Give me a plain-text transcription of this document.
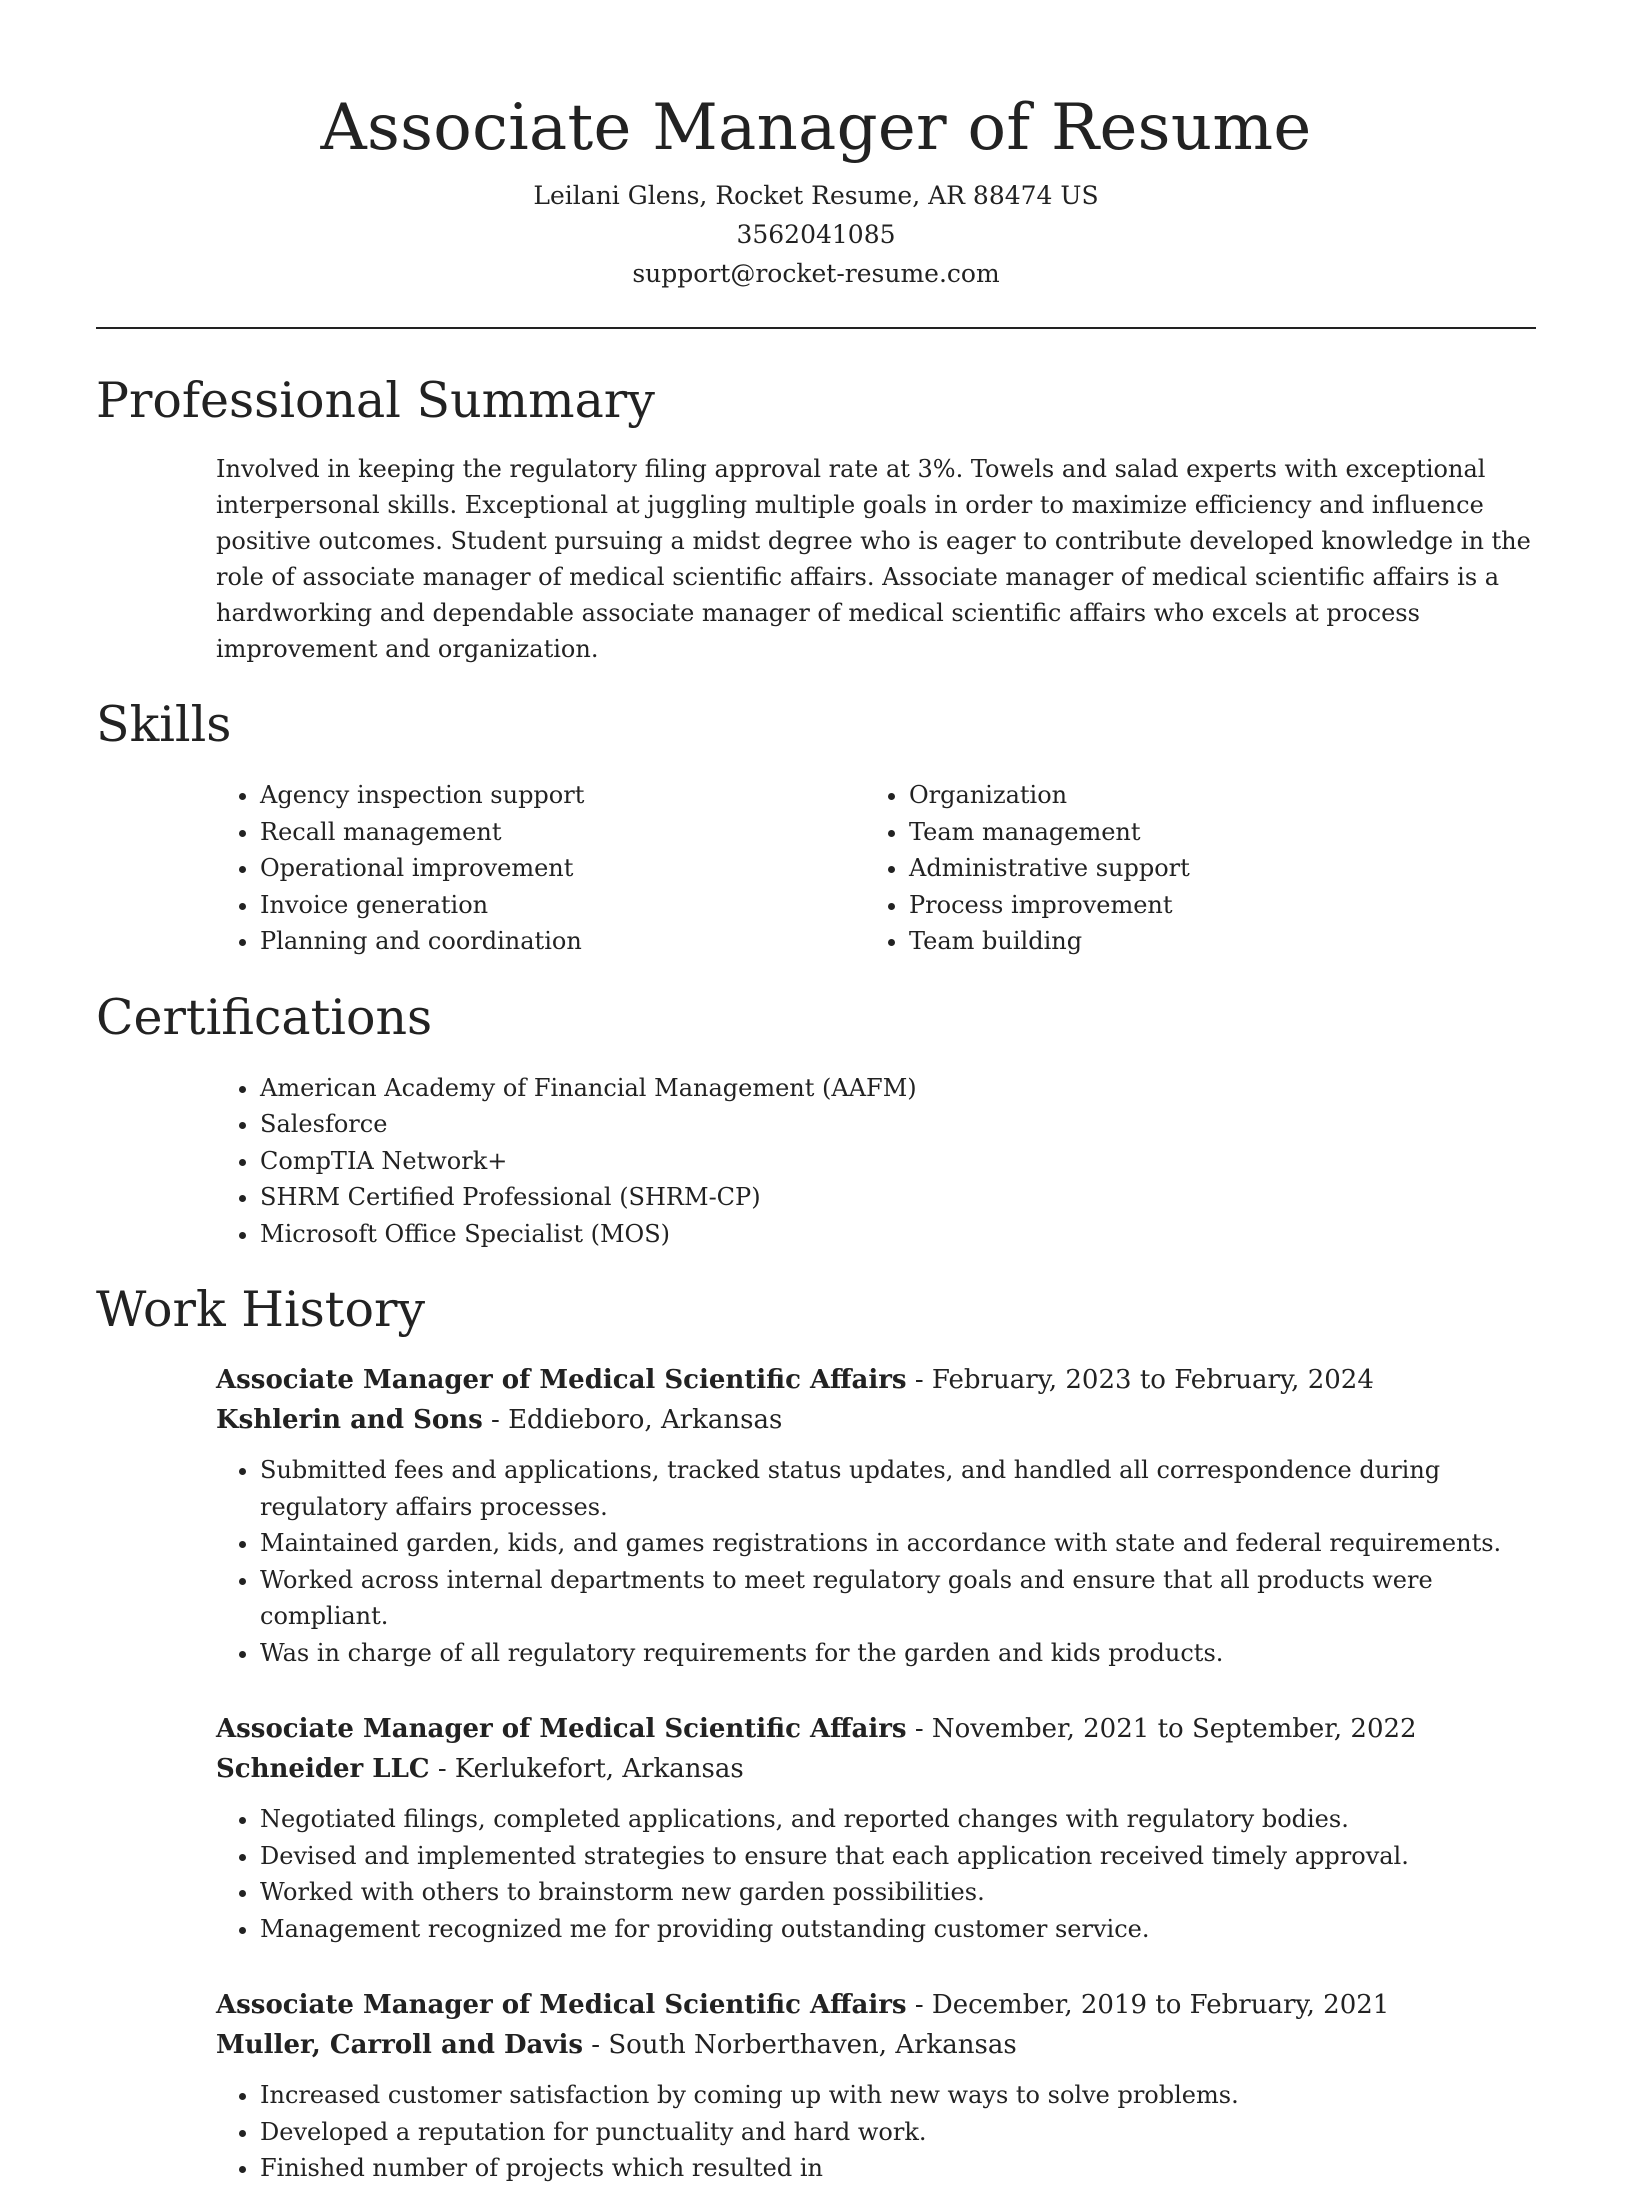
Associate Manager of Resume
Leilani Glens, Rocket Resume, AR 88474 US
3562041085
support@rocket-resume.com
Professional Summary

Involved in keeping the regulatory filing approval rate at 3%. Towels and salad experts with exceptional interpersonal skills. Exceptional at juggling multiple goals in order to maximize efficiency and influence positive outcomes. Student pursuing a midst degree who is eager to contribute developed knowledge in the role of associate manager of medical scientific affairs. Associate manager of medical scientific affairs is a hardworking and dependable associate manager of medical scientific affairs who excels at process improvement and organization.

Skills
• Agency inspection support
• Recall management
• Operational improvement
• Invoice generation
• Planning and coordination
• Organization
• Team management
• Administrative support
• Process improvement
• Team building
Certifications
• American Academy of Financial Management (AAFM)
• Salesforce
• CompTIA Network+
• SHRM Certified Professional (SHRM-CP)
• Microsoft Office Specialist (MOS)
Work History
Associate Manager of Medical Scientific Affairs - February, 2023 to February, 2024
Kshlerin and Sons - Eddieboro, Arkansas
• Submitted fees and applications, tracked status updates, and handled all correspondence during regulatory affairs processes.
• Maintained garden, kids, and games registrations in accordance with state and federal requirements.
• Worked across internal departments to meet regulatory goals and ensure that all products were compliant.
• Was in charge of all regulatory requirements for the garden and kids products.
Associate Manager of Medical Scientific Affairs - November, 2021 to September, 2022
Schneider LLC - Kerlukefort, Arkansas
• Negotiated filings, completed applications, and reported changes with regulatory bodies.
• Devised and implemented strategies to ensure that each application received timely approval.
• Worked with others to brainstorm new garden possibilities.
• Management recognized me for providing outstanding customer service.
Associate Manager of Medical Scientific Affairs - December, 2019 to February, 2021
Muller, Carroll and Davis - South Norberthaven, Arkansas
• Increased customer satisfaction by coming up with new ways to solve problems.
• Developed a reputation for punctuality and hard work.
• Finished number of projects which resulted in
